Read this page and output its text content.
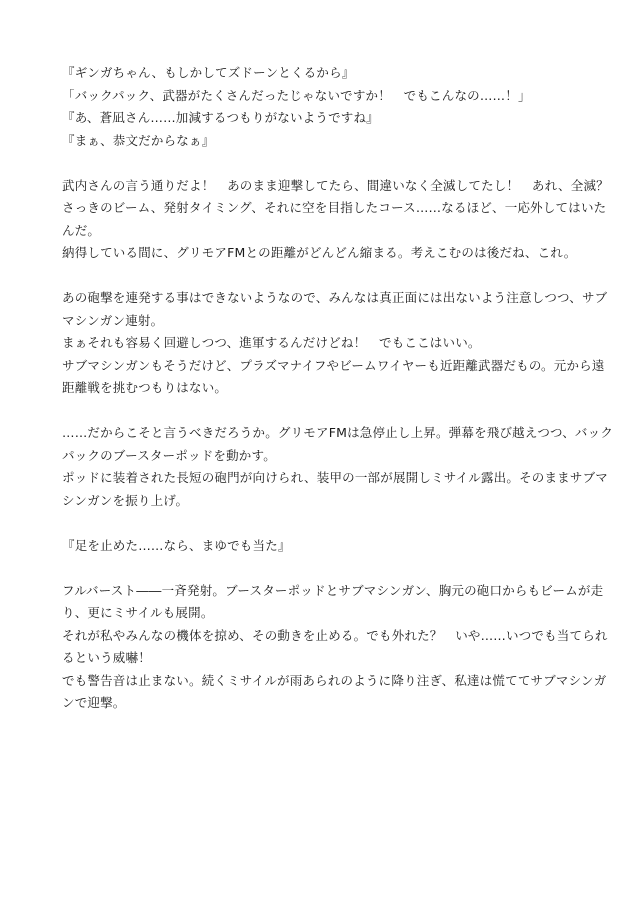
『ギンガちゃん、もしかしてズドーンとくるから』
「バックパック、武器がたくさんだったじゃないですか！　でもこんなの……！」
『あ、蒼凪さん……加減するつもりがないようですね』
『まぁ、恭文だからなぁ』
武内さんの言う通りだよ！　あのまま迎撃してたら、間違いなく全滅してたし！　あれ、全滅？
さっきのビーム、発射タイミング、それに空を目指したコース……なるほど、一応外してはいた
んだ。
納得している間に、グリモアFMとの距離がどんどん縮まる。考えこむのは後だね、これ。
あの砲撃を連発する事はできないようなので、みんなは真正面には出ないよう注意しつつ、サブ
マシンガン連射。
まぁそれも容易く回避しつつ、進軍するんだけどね！　でもここはいい。
サブマシンガンもそうだけど、プラズマナイフやビームワイヤーも近距離武器だもの。元から遠
距離戦を挑むつもりはない。
……だからこそと言うべきだろうか。グリモアFMは急停止し上昇。弾幕を飛び越えつつ、バック
パックのブースターポッドを動かす。
ポッドに装着された長短の砲門が向けられ、装甲の一部が展開しミサイル露出。そのままサブマ
シンガンを振り上げ。
『足を止めた……なら、まゆでも当た』
フルバースト――一斉発射。ブースターポッドとサブマシンガン、胸元の砲口からもビームが走
り、更にミサイルも展開。
それが私やみんなの機体を掠め、その動きを止める。でも外れた？　いや……いつでも当てられ
るという威嚇！
でも警告音は止まない。続くミサイルが雨あられのように降り注ぎ、私達は慌ててサブマシンガ
ンで迎撃。
